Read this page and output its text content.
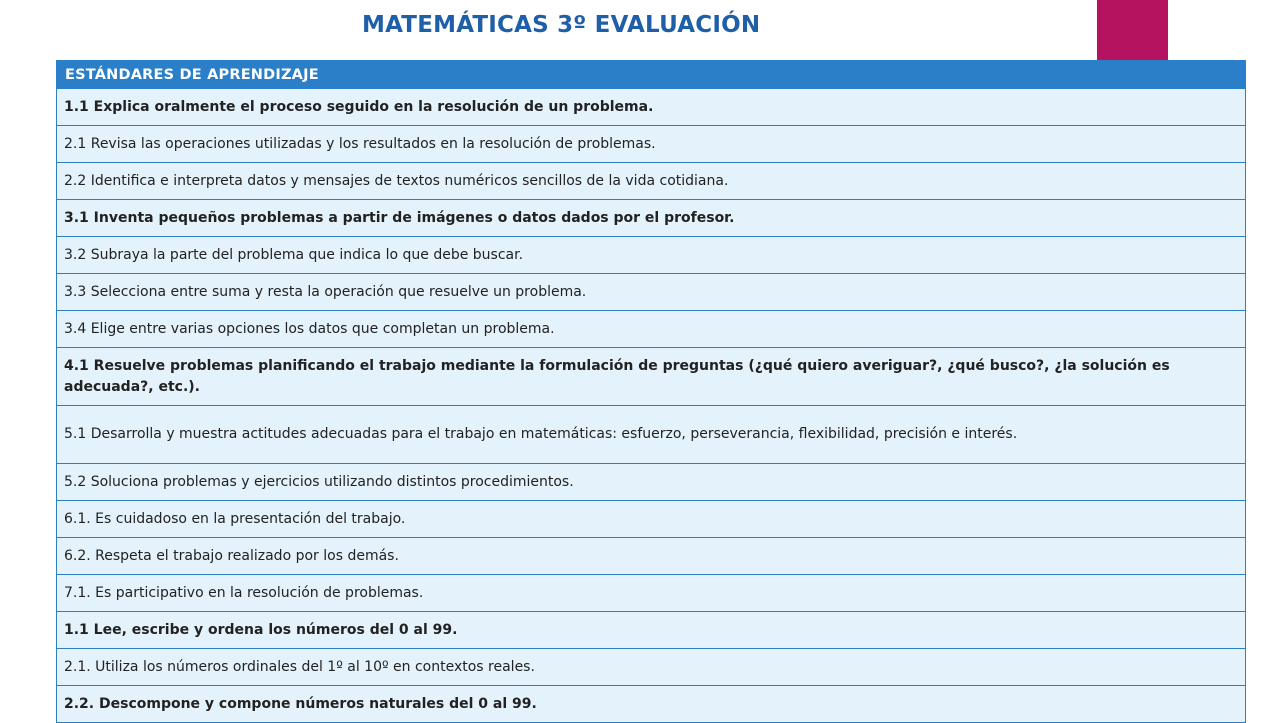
MATEMÁTICAS 3º EVALUACIÓN
ESTÁNDARES DE APRENDIZAJE
1.1 Explica oralmente el proceso seguido en la resolución de un problema.
2.1 Revisa las operaciones utilizadas y los resultados en la resolución de problemas.
2.2 Identifica e interpreta datos y mensajes de textos numéricos sencillos de la vida cotidiana.
3.1 Inventa pequeños problemas a partir de imágenes o datos dados por el profesor.
3.2 Subraya la parte del problema que indica lo que debe buscar.
3.3 Selecciona entre suma y resta la operación que resuelve un problema.
3.4 Elige entre varias opciones los datos que completan un problema.
4.1 Resuelve problemas planificando el trabajo mediante la formulación de preguntas (¿qué quiero averiguar?, ¿qué busco?, ¿la solución es adecuada?, etc.).
5.1 Desarrolla y muestra actitudes adecuadas para el trabajo en matemáticas: esfuerzo, perseverancia, flexibilidad, precisión e interés.
5.2 Soluciona problemas y ejercicios utilizando distintos procedimientos.
6.1. Es cuidadoso en la presentación del trabajo.
6.2. Respeta el trabajo realizado por los demás.
7.1. Es participativo en la resolución de problemas.
1.1 Lee, escribe y ordena los números del 0 al 99.
2.1. Utiliza los números ordinales del 1º al 10º en contextos reales.
2.2. Descompone y compone números naturales del 0 al 99.
